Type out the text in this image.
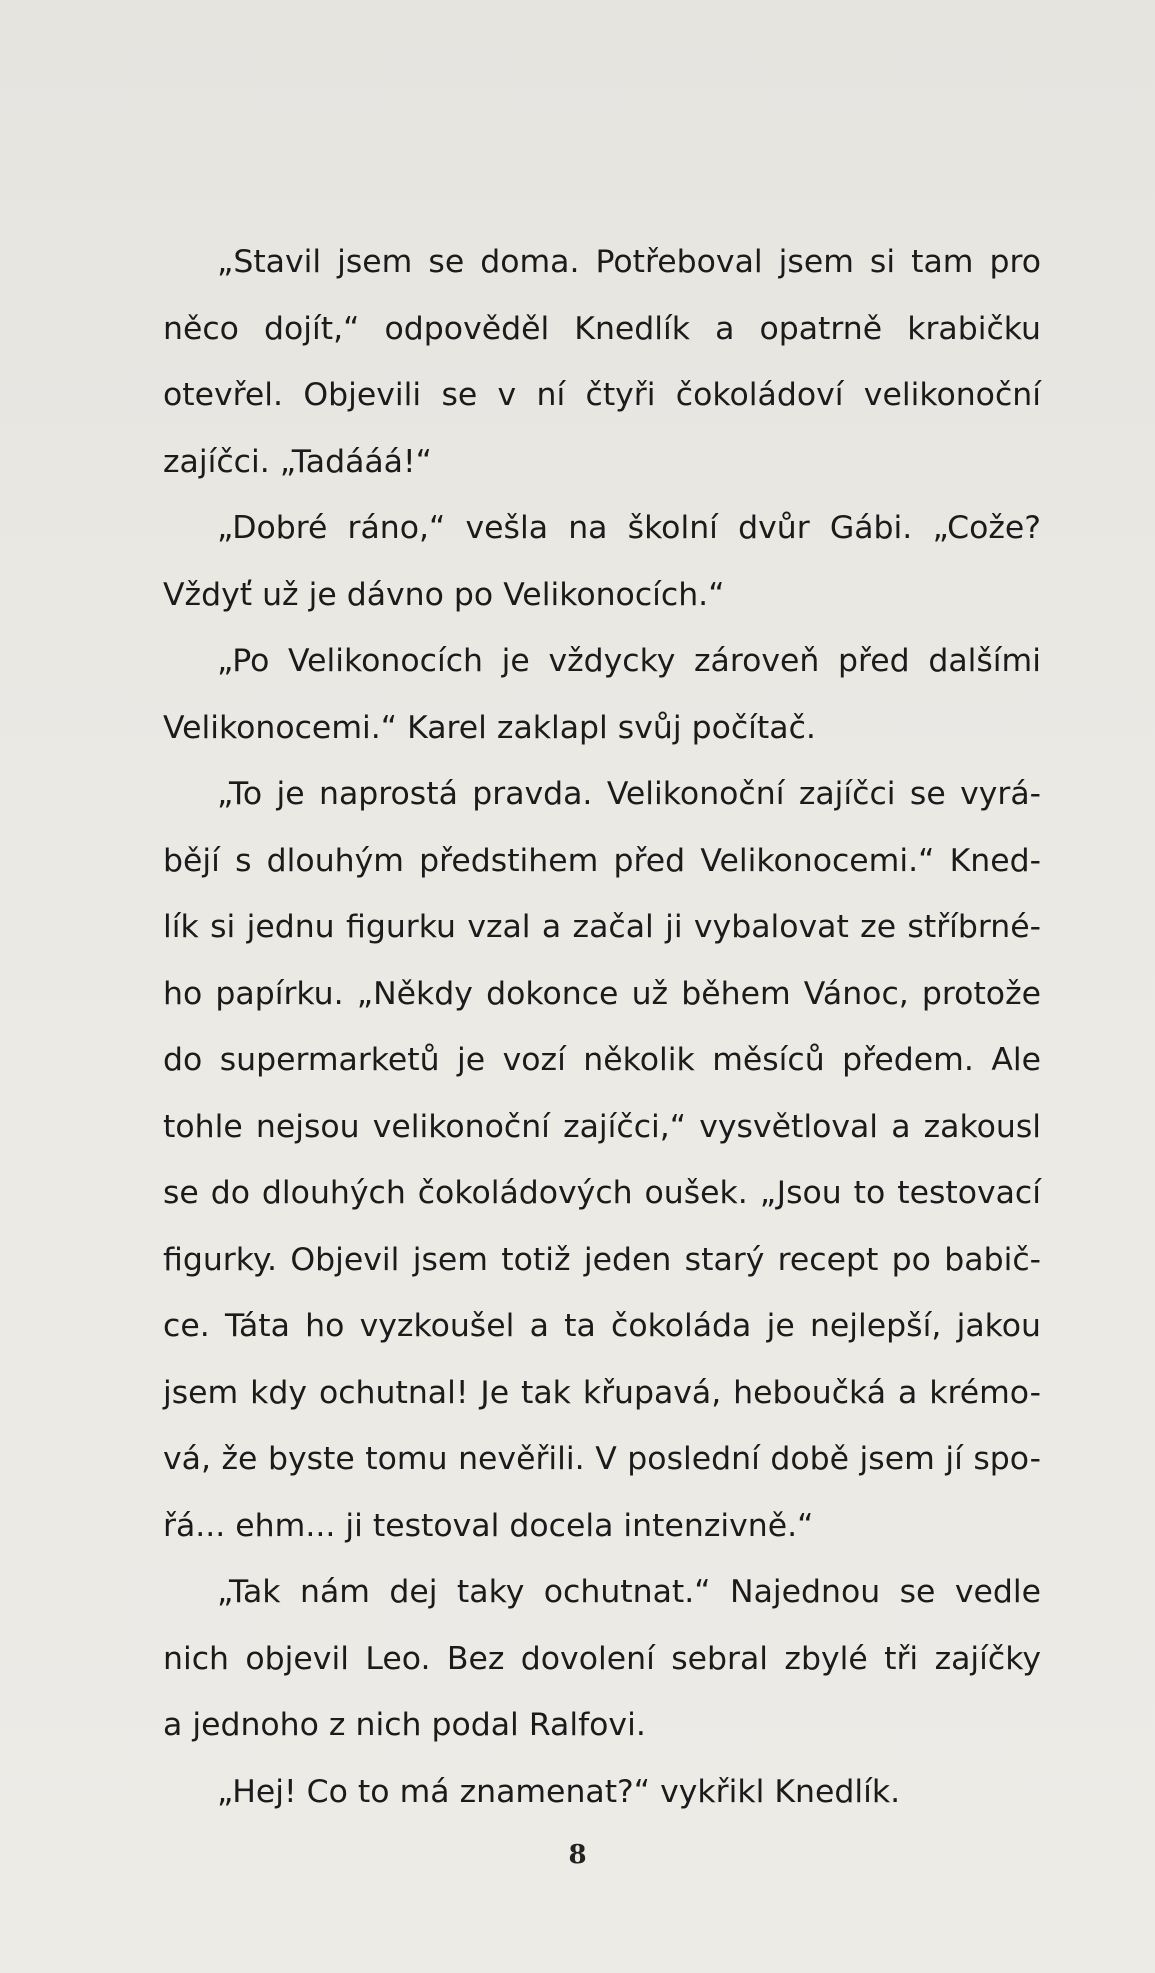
„Stavil jsem se doma. Potřeboval jsem si tam pro
něco dojít,“ odpověděl Knedlík a opatrně krabičku
otevřel. Objevili se v ní čtyři čokoládoví velikonoční
zajíčci. „Tadááá!“
„Dobré ráno,“ vešla na školní dvůr Gábi. „Cože?
Vždyť už je dávno po Velikonocích.“
„Po Velikonocích je vždycky zároveň před dalšími
Velikonocemi.“ Karel zaklapl svůj počítač.
„To je naprostá pravda. Velikonoční zajíčci se vyrá-
bějí s dlouhým předstihem před Velikonocemi.“ Kned-
lík si jednu figurku vzal a začal ji vybalovat ze stříbrné-
ho papírku. „Někdy dokonce už během Vánoc, protože
do supermarketů je vozí několik měsíců předem. Ale
tohle nejsou velikonoční zajíčci,“ vysvětloval a zakousl
se do dlouhých čokoládových oušek. „Jsou to testovací
figurky. Objevil jsem totiž jeden starý recept po babič-
ce. Táta ho vyzkoušel a ta čokoláda je nejlepší, jakou
jsem kdy ochutnal! Je tak křupavá, heboučká a krémo-
vá, že byste tomu nevěřili. V poslední době jsem jí spo-
řá... ehm... ji testoval docela intenzivně.“
„Tak nám dej taky ochutnat.“ Najednou se vedle
nich objevil Leo. Bez dovolení sebral zbylé tři zajíčky
a jednoho z nich podal Ralfovi.
„Hej! Co to má znamenat?“ vykřikl Knedlík.
8
